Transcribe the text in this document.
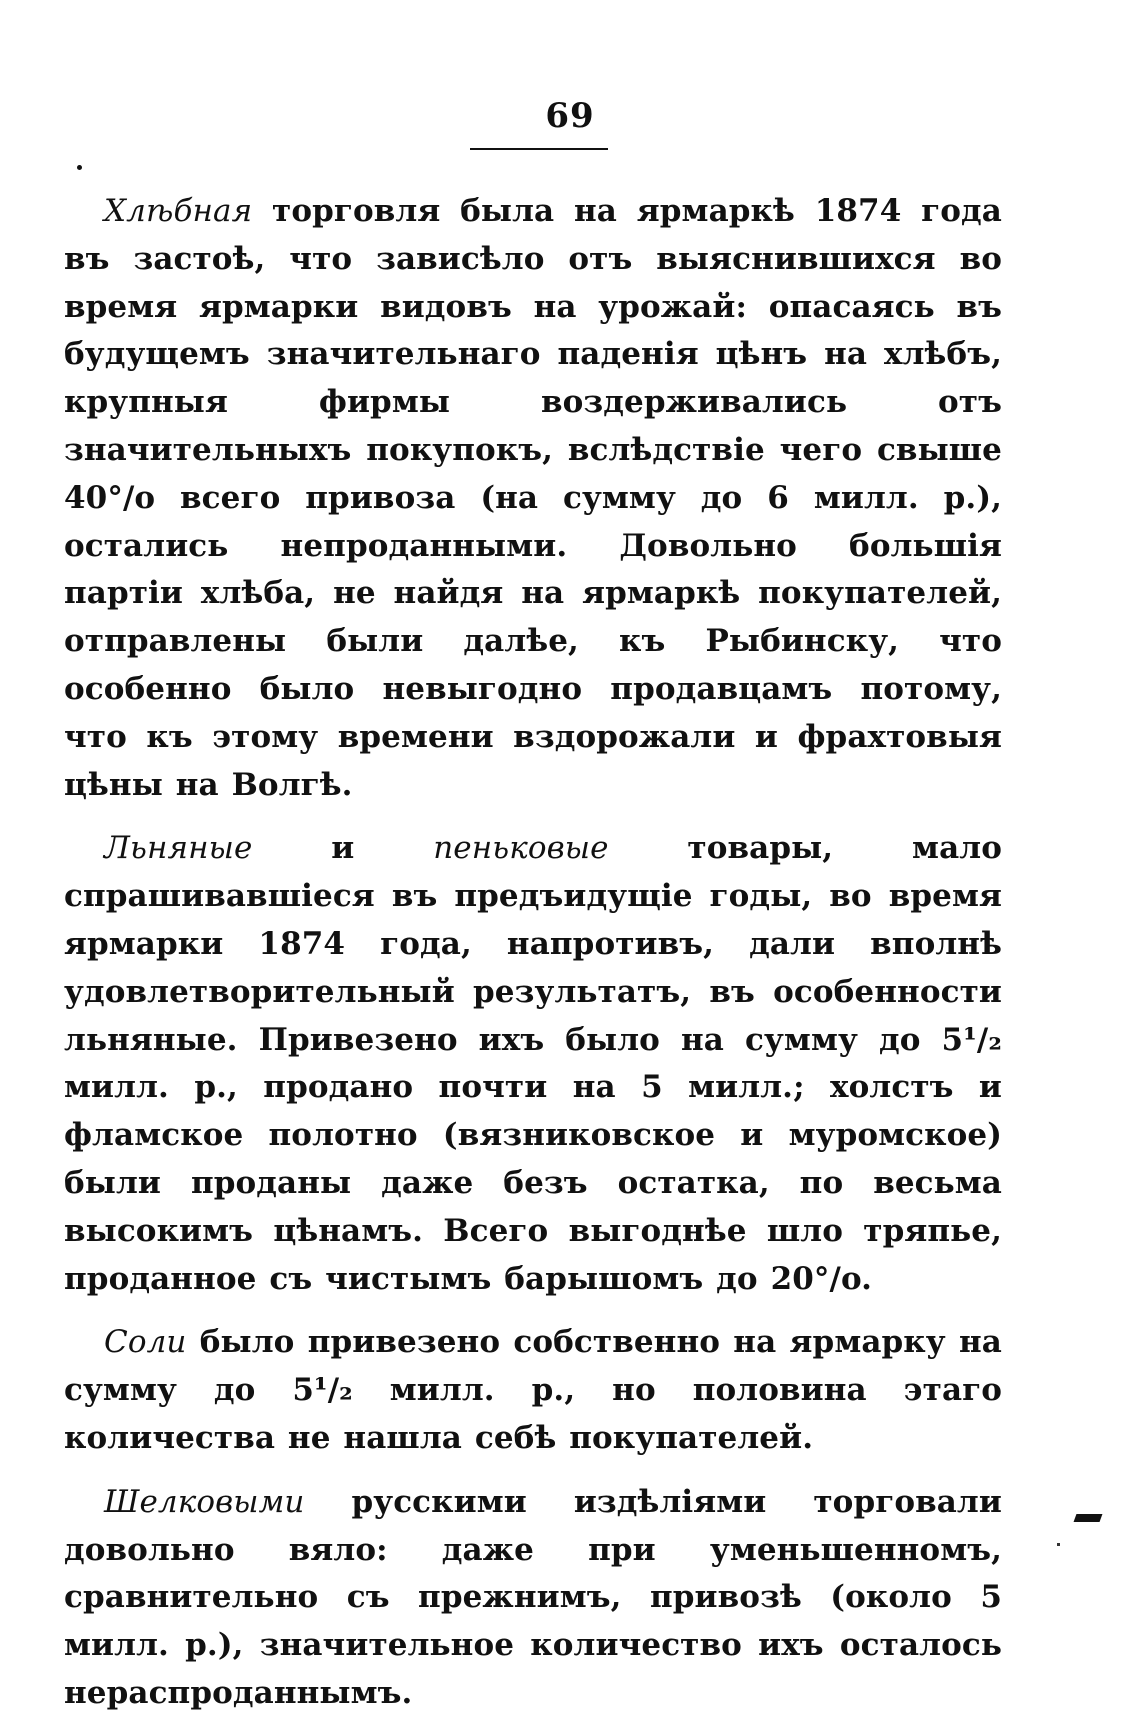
69

Хлѣбная торговля была на ярмаркѣ 1874 года въ застоѣ, что зависѣло отъ выяснившихся во время ярмарки видовъ на урожай: опасаясь въ будущемъ значительнаго паденія цѣнъ на хлѣбъ, крупныя фирмы воздерживались отъ значительныхъ покупокъ, вслѣдствіе чего свыше 40°/o всего привоза (на сумму до 6 милл. р.), остались непроданными. Довольно большія партіи хлѣба, не найдя на ярмаркѣ покупателей, отправлены были далѣе, къ Рыбинску, что особенно было невыгодно продавцамъ потому, что къ этому времени вздорожали и фрахтовыя цѣны на Волгѣ.

Льняные и пеньковые товары, мало спрашивавшіеся въ предъидущіе годы, во время ярмарки 1874 года, напротивъ, дали вполнѣ удовлетворительный результатъ, въ особенности льняные. Привезено ихъ было на сумму до 5¹/₂ милл. р., продано почти на 5 милл.; холстъ и фламское полотно (вязниковское и муромское) были проданы даже безъ остатка, по весьма высокимъ цѣнамъ. Всего выгоднѣе шло тряпье, проданное съ чистымъ барышомъ до 20°/o.

Соли было привезено собственно на ярмарку на сумму до 5¹/₂ милл. р., но половина этаго количества не нашла себѣ покупателей.

Шелковыми русскими издѣліями торговали довольно вяло: даже при уменьшенномъ, сравнительно съ прежнимъ, привозѣ (около 5 милл. р.), значительное количество ихъ осталось нераспроданнымъ.
